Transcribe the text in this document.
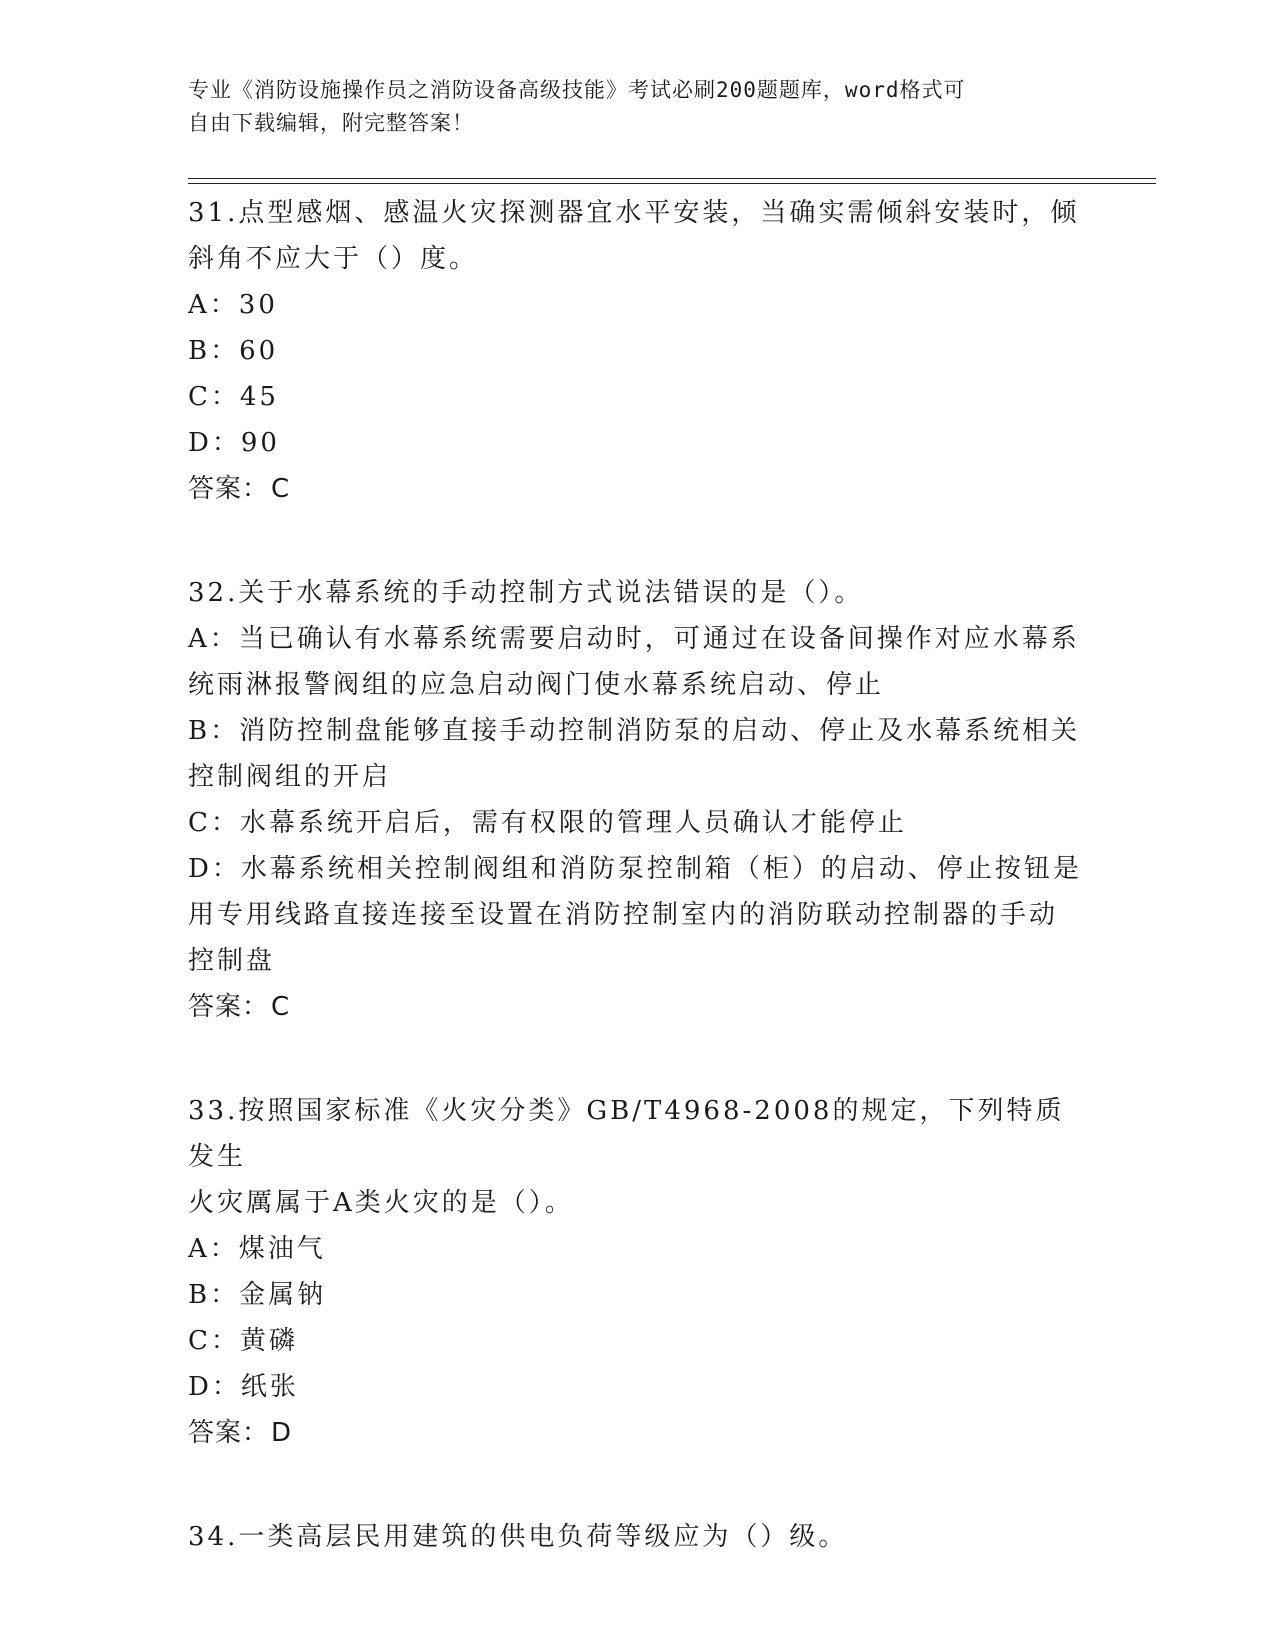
专业《消防设施操作员之消防设备高级技能》考试必刷200题题库，word格式可
自由下载编辑，附完整答案！
31.点型感烟、感温火灾探测器宜水平安装，当确实需倾斜安装时，倾
斜角不应大于（）度。
A：30
B：60
C：45
D：90
答案：C
32.关于水幕系统的手动控制方式说法错误的是（）。
A：当已确认有水幕系统需要启动时，可通过在设备间操作对应水幕系
统雨淋报警阀组的应急启动阀门使水幕系统启动、停止
B：消防控制盘能够直接手动控制消防泵的启动、停止及水幕系统相关
控制阀组的开启
C：水幕系统开启后，需有权限的管理人员确认才能停止
D：水幕系统相关控制阀组和消防泵控制箱（柜）的启动、停止按钮是
用专用线路直接连接至设置在消防控制室内的消防联动控制器的手动
控制盘
答案：C
33.按照国家标准《火灾分类》GB/T4968-2008的规定，下列特质发生
火灾厲属于A类火灾的是（）。
A：煤油气
B：金属钠
C：黄磷
D：纸张
答案：D
34.一类高层民用建筑的供电负荷等级应为（）级。
